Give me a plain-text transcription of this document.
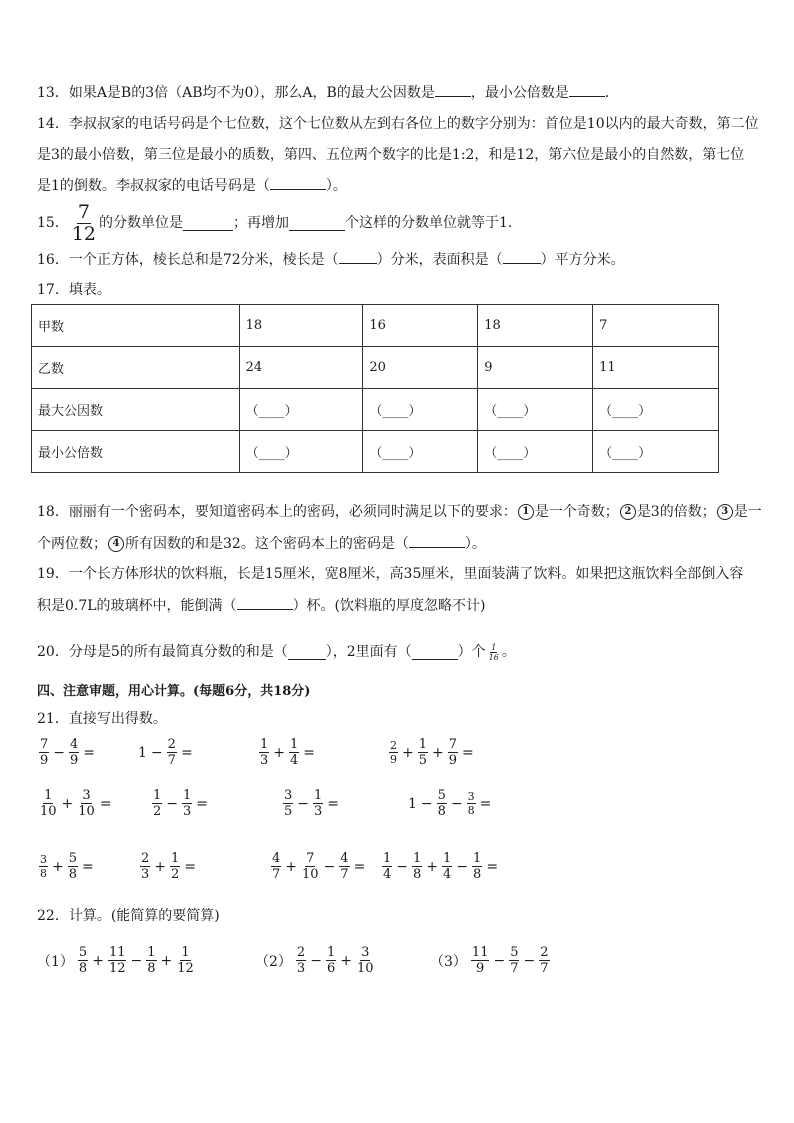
13．如果A是B的3倍（AB均不为0），那么A，B的最大公因数是	，最小公倍数是	．
14．李叔叔家的电话号码是个七位数，这个七位数从左到右各位上的数字分别为：首位是10以内的最大奇数，第二位
是3的最小倍数，第三位是最小的质数，第四、五位两个数字的比是1:2，和是12，第六位是最小的自然数，第七位
是1的倒数。李叔叔家的电话号码是（	）。
15． $\frac{7}{12}$ 的分数单位是	；再增加	个这样的分数单位就等于1．
16．一个正方体，棱长总和是72分米，棱长是（	）分米，表面积是（	）平方分米。
17．填表。
甲数	18	16	18	7
乙数	24	20	9	11
最大公因数	（____）	（____）	（____）	（____）
最小公倍数	（____）	（____）	（____）	（____）
18．丽丽有一个密码本，要知道密码本上的密码，必须同时满足以下的要求： 1 是一个奇数； 2 是3的倍数； 3 是一
个两位数； 4 所有因数的和是32。这个密码本上的密码是（	）。
19．一个长方体形状的饮料瓶，长是15厘米，宽8厘米，高35厘米，里面装满了饮料。如果把这瓶饮料全部倒入容
积是0.7L的玻璃杯中，能倒满（	）杯。(饮料瓶的厚度忽略不计)
20．分母是5的所有最简真分数的和是（	），2里面有（	）个 $\frac{1}{16}$ 。
四、注意审题，用心计算。(每题6分，共18分)
21．直接写出得数。
$\frac{7}{9} - \frac{4}{9}$ =	$1 - \frac{2}{7}$ =	$\frac{1}{3} + \frac{1}{4}$ =	$\frac{2}{9} + \frac{1}{5} + \frac{7}{9}$ =
$\frac{1}{10} + \frac{3}{10}$ =	$\frac{1}{2} - \frac{1}{3}$ =	$\frac{3}{5} - \frac{1}{3}$ =	$1 - \frac{5}{8} - \frac{3}{8}$ =
$\frac{3}{8} + \frac{5}{8}$ =	$\frac{2}{3} + \frac{1}{2}$ =	$\frac{4}{7} + \frac{7}{10} - \frac{4}{7} = \frac{1}{4} - \frac{1}{8} + \frac{1}{4} - \frac{1}{8}$ =
22．计算。(能简算的要简算)
$(1) \frac{5}{8} + \frac{11}{12} - \frac{1}{8} + \frac{1}{12}$	$(2) \frac{2}{3} - \frac{1}{6} + \frac{3}{10}$	$(3) \frac{11}{9} - \frac{5}{7} - \frac{2}{7}$
